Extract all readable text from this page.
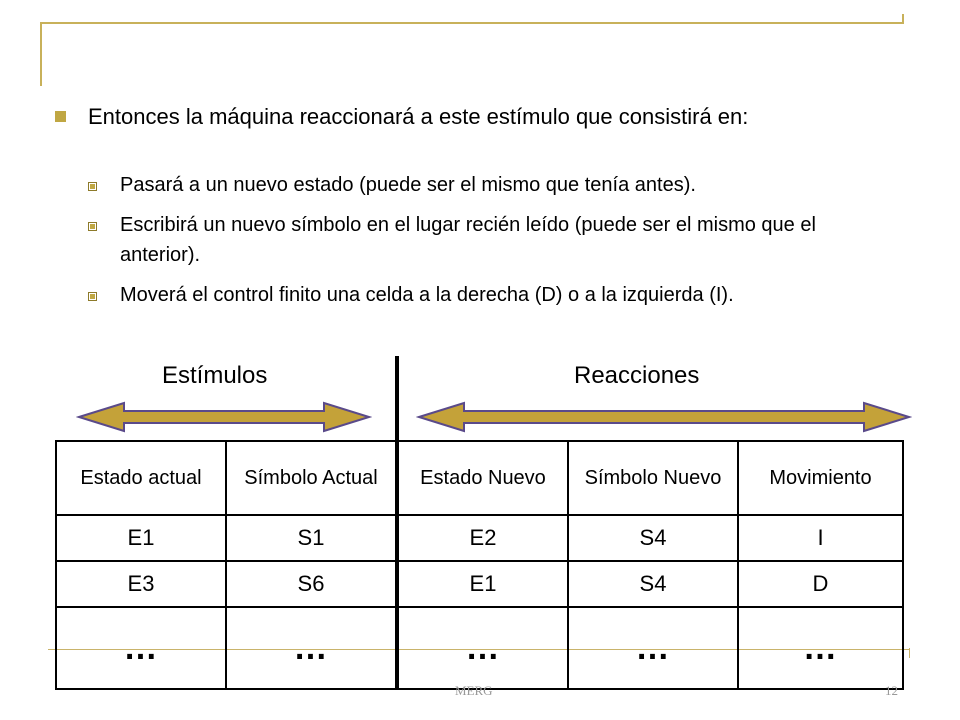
Entonces la máquina reaccionará a este estímulo que consistirá en:

Pasará a un nuevo estado (puede ser el mismo que tenía antes).

Escribirá un nuevo símbolo en el lugar recién leído (puede ser el mismo que el anterior).

Moverá el control finito una celda a la derecha (D) o a la izquierda (I).

Estímulos	Reacciones
Estado actual	Símbolo Actual	Estado Nuevo	Símbolo Nuevo	Movimiento
E1	S1	E2	S4	I
E3	S6	E1	S4	D
…	…	…	…	…
MERG	12
